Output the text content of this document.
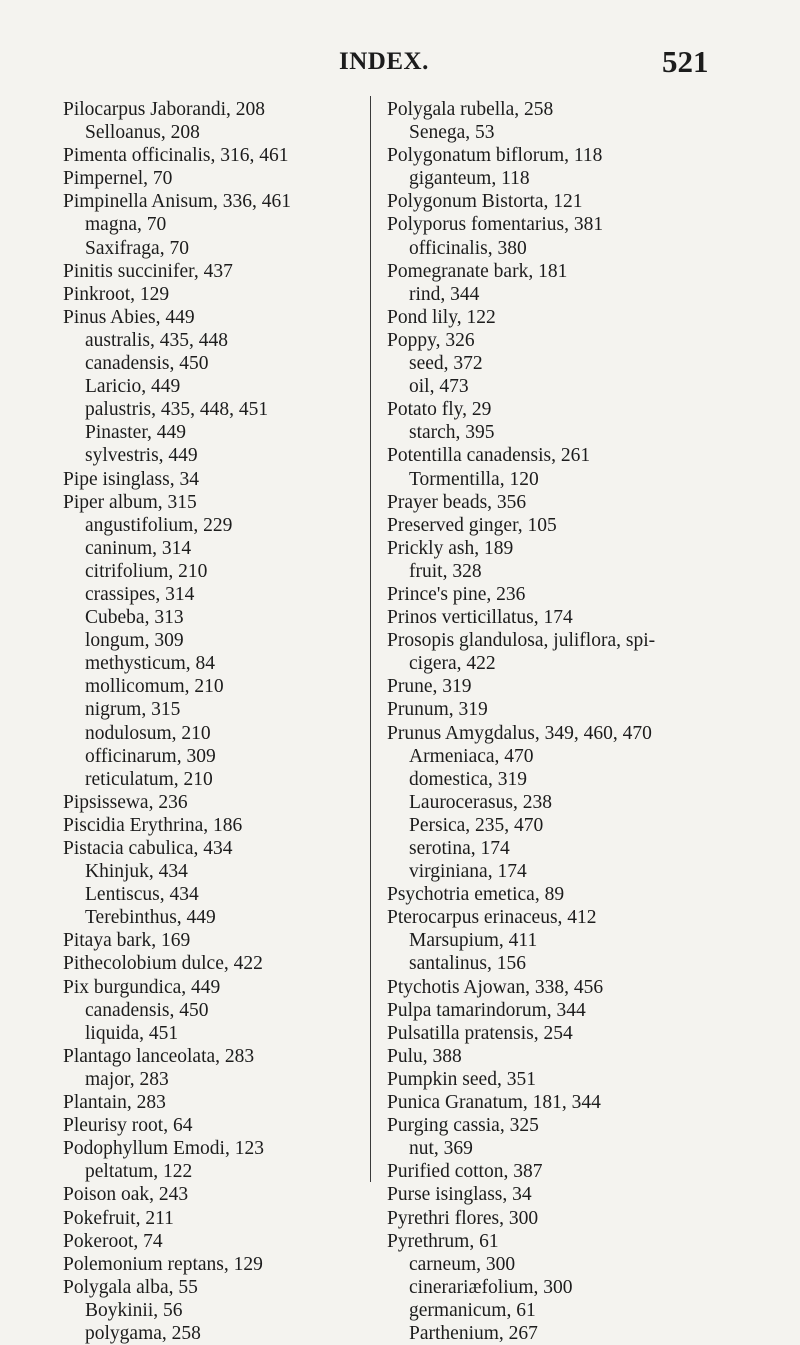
INDEX.	521
Pilocarpus Jaborandi, 208
Selloanus, 208
Pimenta officinalis, 316, 461
Pimpernel, 70
Pimpinella Anisum, 336, 461
magna, 70
Saxifraga, 70
Pinitis succinifer, 437
Pinkroot, 129
Pinus Abies, 449
australis, 435, 448
canadensis, 450
Laricio, 449
palustris, 435, 448, 451
Pinaster, 449
sylvestris, 449
Pipe isinglass, 34
Piper album, 315
angustifolium, 229
caninum, 314
citrifolium, 210
crassipes, 314
Cubeba, 313
longum, 309
methysticum, 84
mollicomum, 210
nigrum, 315
nodulosum, 210
officinarum, 309
reticulatum, 210
Pipsissewa, 236
Piscidia Erythrina, 186
Pistacia cabulica, 434
Khinjuk, 434
Lentiscus, 434
Terebinthus, 449
Pitaya bark, 169
Pithecolobium dulce, 422
Pix burgundica, 449
canadensis, 450
liquida, 451
Plantago lanceolata, 283
major, 283
Plantain, 283
Pleurisy root, 64
Podophyllum Emodi, 123
peltatum, 122
Poison oak, 243
Pokefruit, 211
Pokeroot, 74
Polemonium reptans, 129
Polygala alba, 55
Boykinii, 56
polygama, 258
Polygala rubella, 258
Senega, 53
Polygonatum biflorum, 118
giganteum, 118
Polygonum Bistorta, 121
Polyporus fomentarius, 381
officinalis, 380
Pomegranate bark, 181
rind, 344
Pond lily, 122
Poppy, 326
seed, 372
oil, 473
Potato fly, 29
starch, 395
Potentilla canadensis, 261
Tormentilla, 120
Prayer beads, 356
Preserved ginger, 105
Prickly ash, 189
fruit, 328
Prince's pine, 236
Prinos verticillatus, 174
Prosopis glandulosa, juliflora, spi-
cigera, 422
Prune, 319
Prunum, 319
Prunus Amygdalus, 349, 460, 470
Armeniaca, 470
domestica, 319
Laurocerasus, 238
Persica, 235, 470
serotina, 174
virginiana, 174
Psychotria emetica, 89
Pterocarpus erinaceus, 412
Marsupium, 411
santalinus, 156
Ptychotis Ajowan, 338, 456
Pulpa tamarindorum, 344
Pulsatilla pratensis, 254
Pulu, 388
Pumpkin seed, 351
Punica Granatum, 181, 344
Purging cassia, 325
nut, 369
Purified cotton, 387
Purse isinglass, 34
Pyrethri flores, 300
Pyrethrum, 61
carneum, 300
cinerariæfolium, 300
germanicum, 61
Parthenium, 267
